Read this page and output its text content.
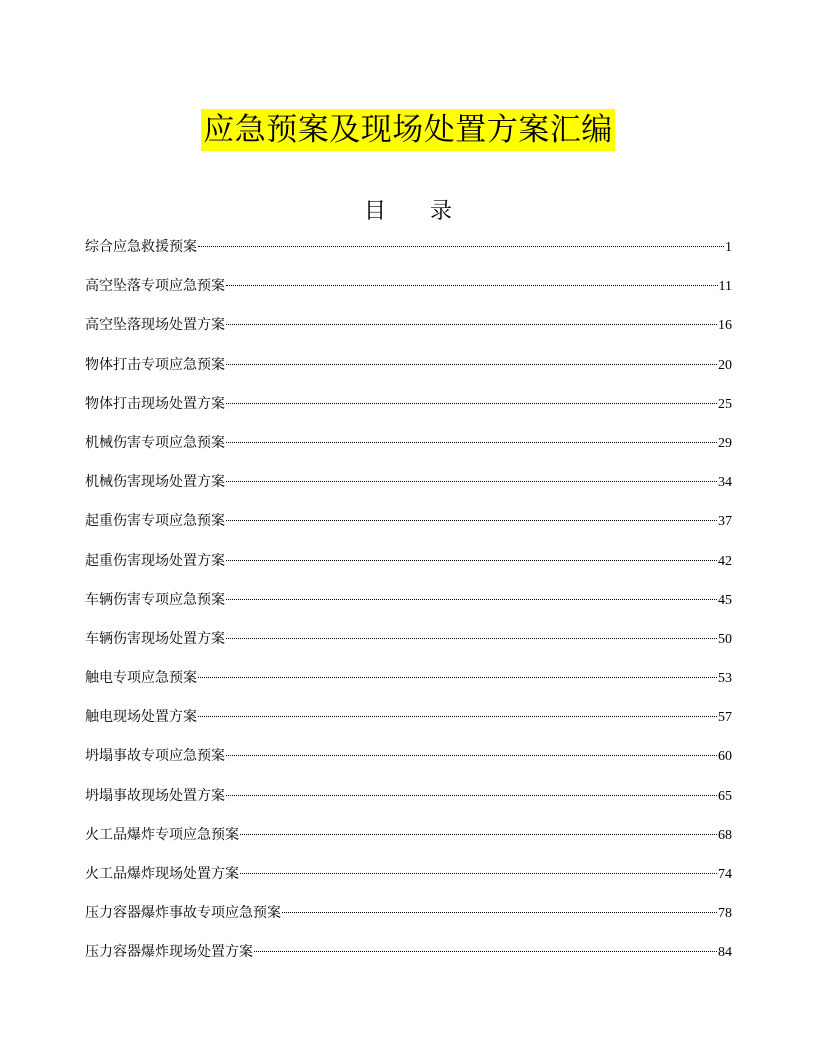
应急预案及现场处置方案汇编
目　　录
综合应急救援预案	1
高空坠落专项应急预案	11
高空坠落现场处置方案	16
物体打击专项应急预案	20
物体打击现场处置方案	25
机械伤害专项应急预案	29
机械伤害现场处置方案	34
起重伤害专项应急预案	37
起重伤害现场处置方案	42
车辆伤害专项应急预案	45
车辆伤害现场处置方案	50
触电专项应急预案	53
触电现场处置方案	57
坍塌事故专项应急预案	60
坍塌事故现场处置方案	65
火工品爆炸专项应急预案	68
火工品爆炸现场处置方案	74
压力容器爆炸事故专项应急预案	78
压力容器爆炸现场处置方案	84
